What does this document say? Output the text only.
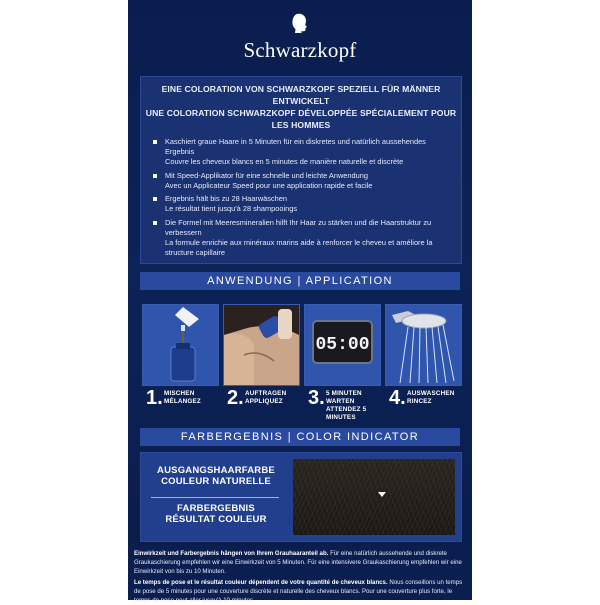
Schwarzkopf
EINE COLORATION VON SCHWARZKOPF SPEZIELL FÜR MÄNNER ENTWICKELT
UNE COLORATION SCHWARZKOPF DÉVELOPPÉE SPÉCIALEMENT POUR LES HOMMES
Kaschiert graue Haare in 5 Minuten für ein diskretes und natürlich aussehendes Ergebnis
Couvre les cheveux blancs en 5 minutes de manière naturelle et discrète
Mit Speed-Applikator für eine schnelle und leichte Anwendung
Avec un Applicateur Speed pour une application rapide et facile
Ergebnis hält bis zu 28 Haarwäschen
Le résultat tient jusqu'à 28 shampooings
Die Formel mit Meeresmineralien hilft Ihr Haar zu stärken und die Haarstruktur zu verbessern
La formule enrichie aux minéraux marins aide à renforcer le cheveu et améliore la structure capillaire
ANWENDUNG | APPLICATION
1. MISCHEN
MÉLANGEZ 2. AUFTRAGEN
APPLIQUEZ
05:00
3. 5 MINUTEN WARTEN
ATTENDEZ 5 MINUTES
4. AUSWASCHEN
RINCEZ
FARBERGEBNIS | COLOR INDICATOR
AUSGANGSHAARFARBE
COULEUR NATURELLE
FARBERGEBNIS
RÉSULTAT COULEUR

Einwirkzeit und Farbergebnis hängen von Ihrem Grauhaaranteil ab. Für eine natürlich aussehende und diskrete Graukaschierung empfehlen wir eine Einwirkzeit von 5 Minuten. Für eine intensivere Graukaschierung empfehlen wir eine Einwirkzeit von bis zu 10 Minuten.

Le temps de pose et le résultat couleur dépendent de votre quantité de cheveux blancs. Nous conseillons un temps de pose de 5 minutes pour une couverture discrète et naturelle des cheveux blancs. Pour une couverture plus forte, le temps de pose peut aller jusqu'à 10 minutes.
